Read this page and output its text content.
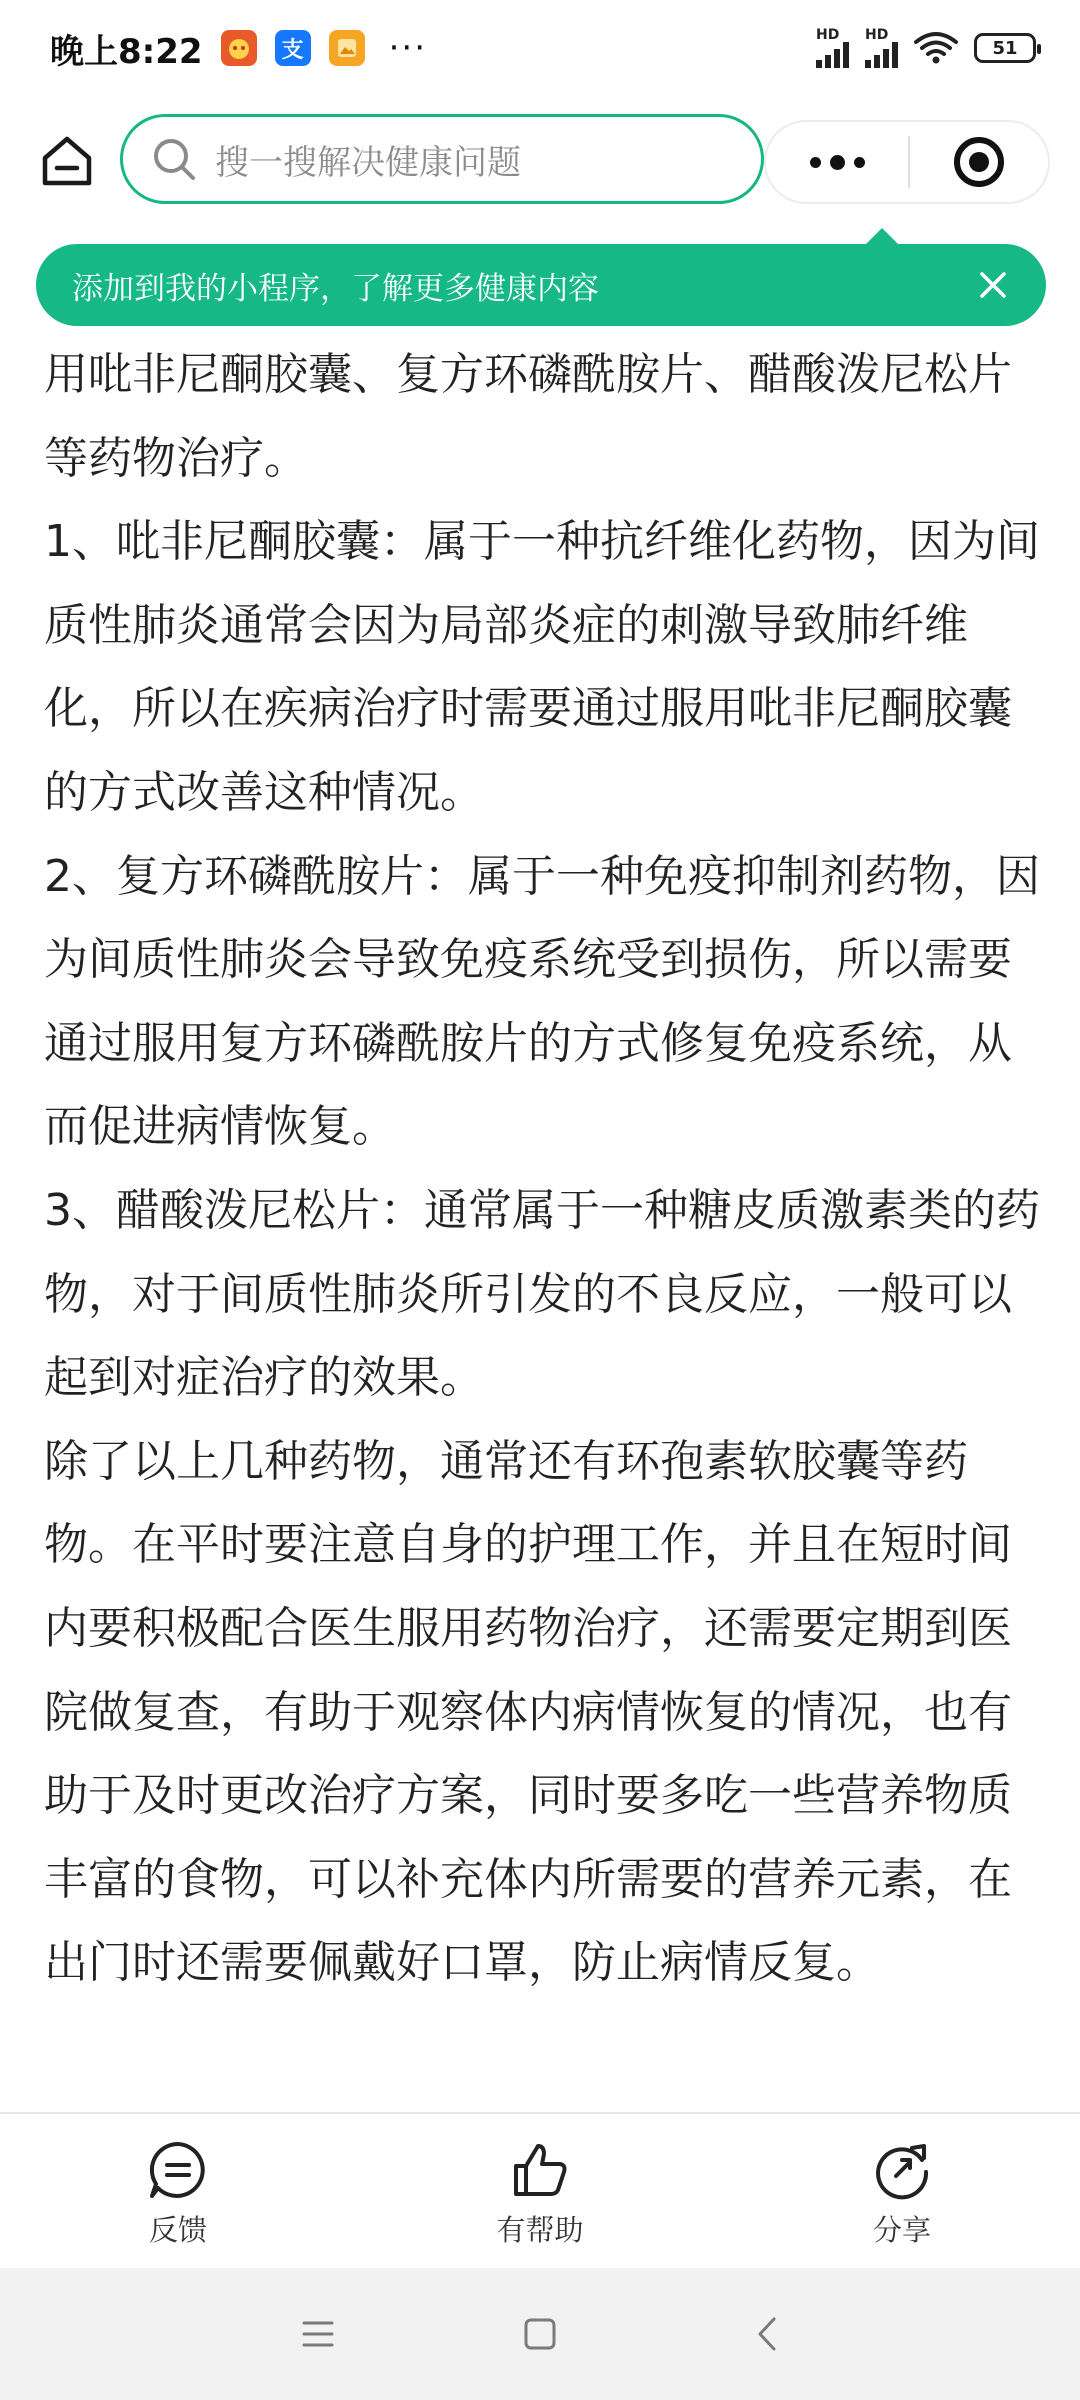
晚上8:22	支	···	HD HD
51
搜一搜解决健康问题
添加到我的小程序，了解更多健康内容

用吡非尼酮胶囊、复方环磷酰胺片、醋酸泼尼松片等药物治疗。

1、吡非尼酮胶囊：属于一种抗纤维化药物，因为间质性肺炎通常会因为局部炎症的刺激导致肺纤维化，所以在疾病治疗时需要通过服用吡非尼酮胶囊的方式改善这种情况。

2、复方环磷酰胺片：属于一种免疫抑制剂药物，因为间质性肺炎会导致免疫系统受到损伤，所以需要通过服用复方环磷酰胺片的方式修复免疫系统，从而促进病情恢复。

3、醋酸泼尼松片：通常属于一种糖皮质激素类的药物，对于间质性肺炎所引发的不良反应，一般可以起到对症治疗的效果。

除了以上几种药物，通常还有环孢素软胶囊等药物。在平时要注意自身的护理工作，并且在短时间内要积极配合医生服用药物治疗，还需要定期到医院做复查，有助于观察体内病情恢复的情况，也有助于及时更改治疗方案，同时要多吃一些营养物质丰富的食物，可以补充体内所需要的营养元素，在出门时还需要佩戴好口罩，防止病情反复。

反馈	有帮助	分享
